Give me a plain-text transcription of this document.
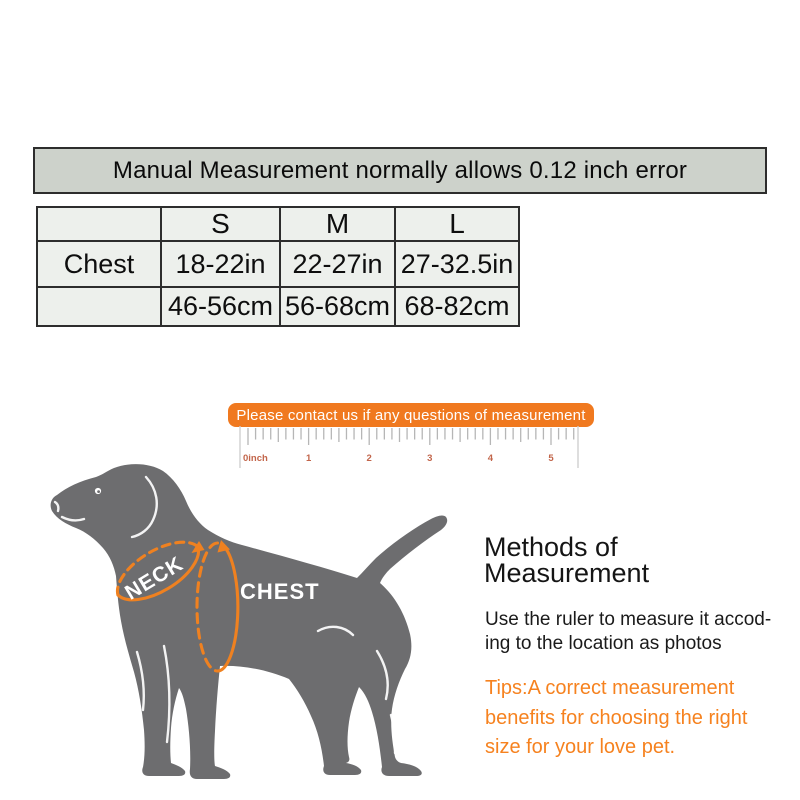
Manual Measurement normally allows 0.12 inch error
	S	M	L
Chest	18-22in	22-27in	27-32.5in
	46-56cm	56-68cm	68-82cm
Please contact us if any questions of measurement
0inch	1	2	3	4	5
NECK CHEST
Methods of
Measurement
Use the ruler to measure it accod-
ing to the location as photos
Tips:A correct measurement
benefits for choosing the right
size for your love pet.
